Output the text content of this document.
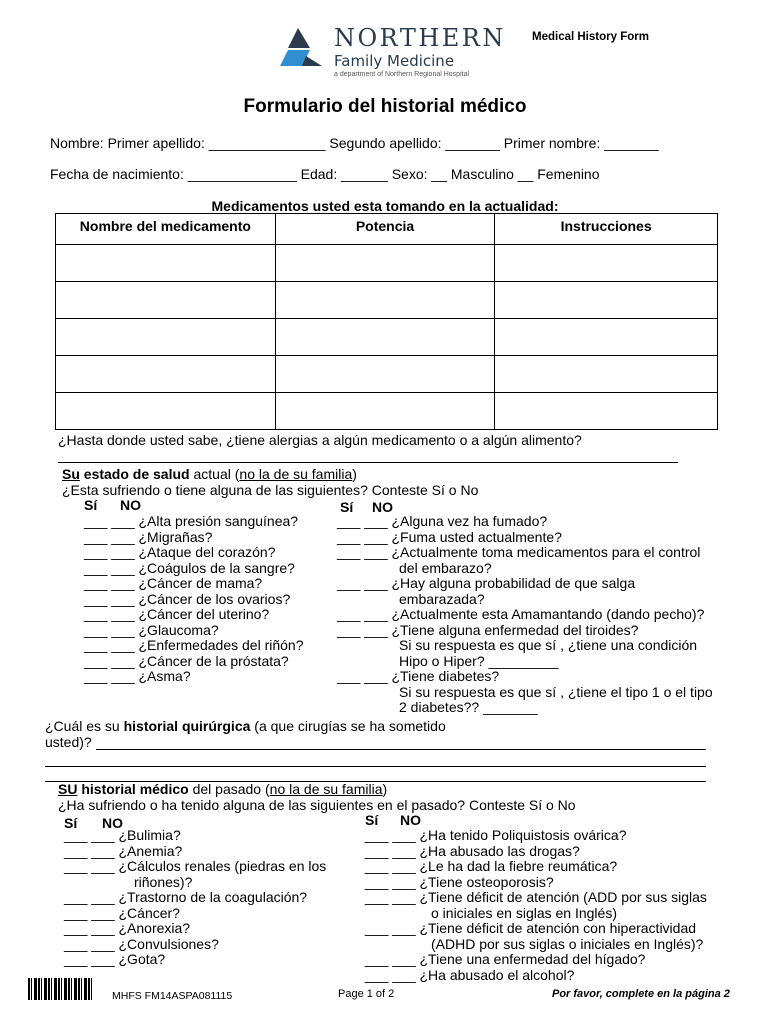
NORTHERN
Family Medicine
a department of Northern Regional Hospital
Medical History Form
Formulario del historial médico
Nombre: Primer apellido: _______________ Segundo apellido: _______ Primer nombre: _______
Fecha de nacimiento: ______________ Edad: ______ Sexo: __ Masculino __ Femenino
Medicamentos usted esta tomando en la actualidad:
Nombre del medicamento	Potencia	Instrucciones

¿Hasta donde usted sabe, ¿tiene alergias a algún medicamento o a algún alimento?
Su estado de salud actual (no la de su familia)
¿Esta sufriendo o tiene alguna de las siguientes? Conteste Sí o No
Sí NO	Sí NO
___ ___ ¿Alta presión sanguínea?
___ ___ ¿Migrañas?
___ ___ ¿Ataque del corazón?
___ ___ ¿Coágulos de la sangre?
___ ___ ¿Cáncer de mama?
___ ___ ¿Cáncer de los ovarios?
___ ___ ¿Cáncer del uterino?
___ ___ ¿Glaucoma?
___ ___ ¿Enfermedades del riñón?
___ ___ ¿Cáncer de la próstata?
___ ___ ¿Asma?
___ ___ ¿Alguna vez ha fumado?
___ ___ ¿Fuma usted actualmente?
___ ___ ¿Actualmente toma medicamentos para el control
del embarazo?
___ ___ ¿Hay alguna probabilidad de que salga
embarazada?
___ ___ ¿Actualmente esta Amamantando (dando pecho)?
___ ___ ¿Tiene alguna enfermedad del tiroides?
Si su respuesta es que sí , ¿tiene una condición
Hipo o Hiper? _________
___ ___ ¿Tiene diabetes?
Si su respuesta es que sí , ¿tiene el tipo 1 o el tipo
2 diabetes?? _______
¿Cuál es su historial quirúrgica (a que cirugías se ha sometido
usted)?
SU historial médico del pasado (no la de su familia)
¿Ha sufriendo o ha tenido alguna de las siguientes en el pasado? Conteste Sí o No
Sí NO	Sí NO
___ ___ ¿Bulimia?
___ ___ ¿Anemia?
___ ___ ¿Cálculos renales (piedras en los
riñones)?
___ ___ ¿Trastorno de la coagulación?
___ ___ ¿Cáncer?
___ ___ ¿Anorexia?
___ ___ ¿Convulsiones?
___ ___ ¿Gota?
___ ___ ¿Ha tenido Poliquistosis ovárica?
___ ___ ¿Ha abusado las drogas?
___ ___ ¿Le ha dad la fiebre reumática?
___ ___ ¿Tiene osteoporosis?
___ ___ ¿Tiene déficit de atención (ADD por sus siglas
o iniciales en siglas en Inglés)
___ ___ ¿Tiene déficit de atención con hiperactividad
(ADHD por sus siglas o iniciales en Inglés)?
___ ___ ¿Tiene una enfermedad del hígado?
___ ___ ¿Ha abusado el alcohol?
MHFS FM14ASPA081115	Page 1 of 2	Por favor, complete en la página 2
